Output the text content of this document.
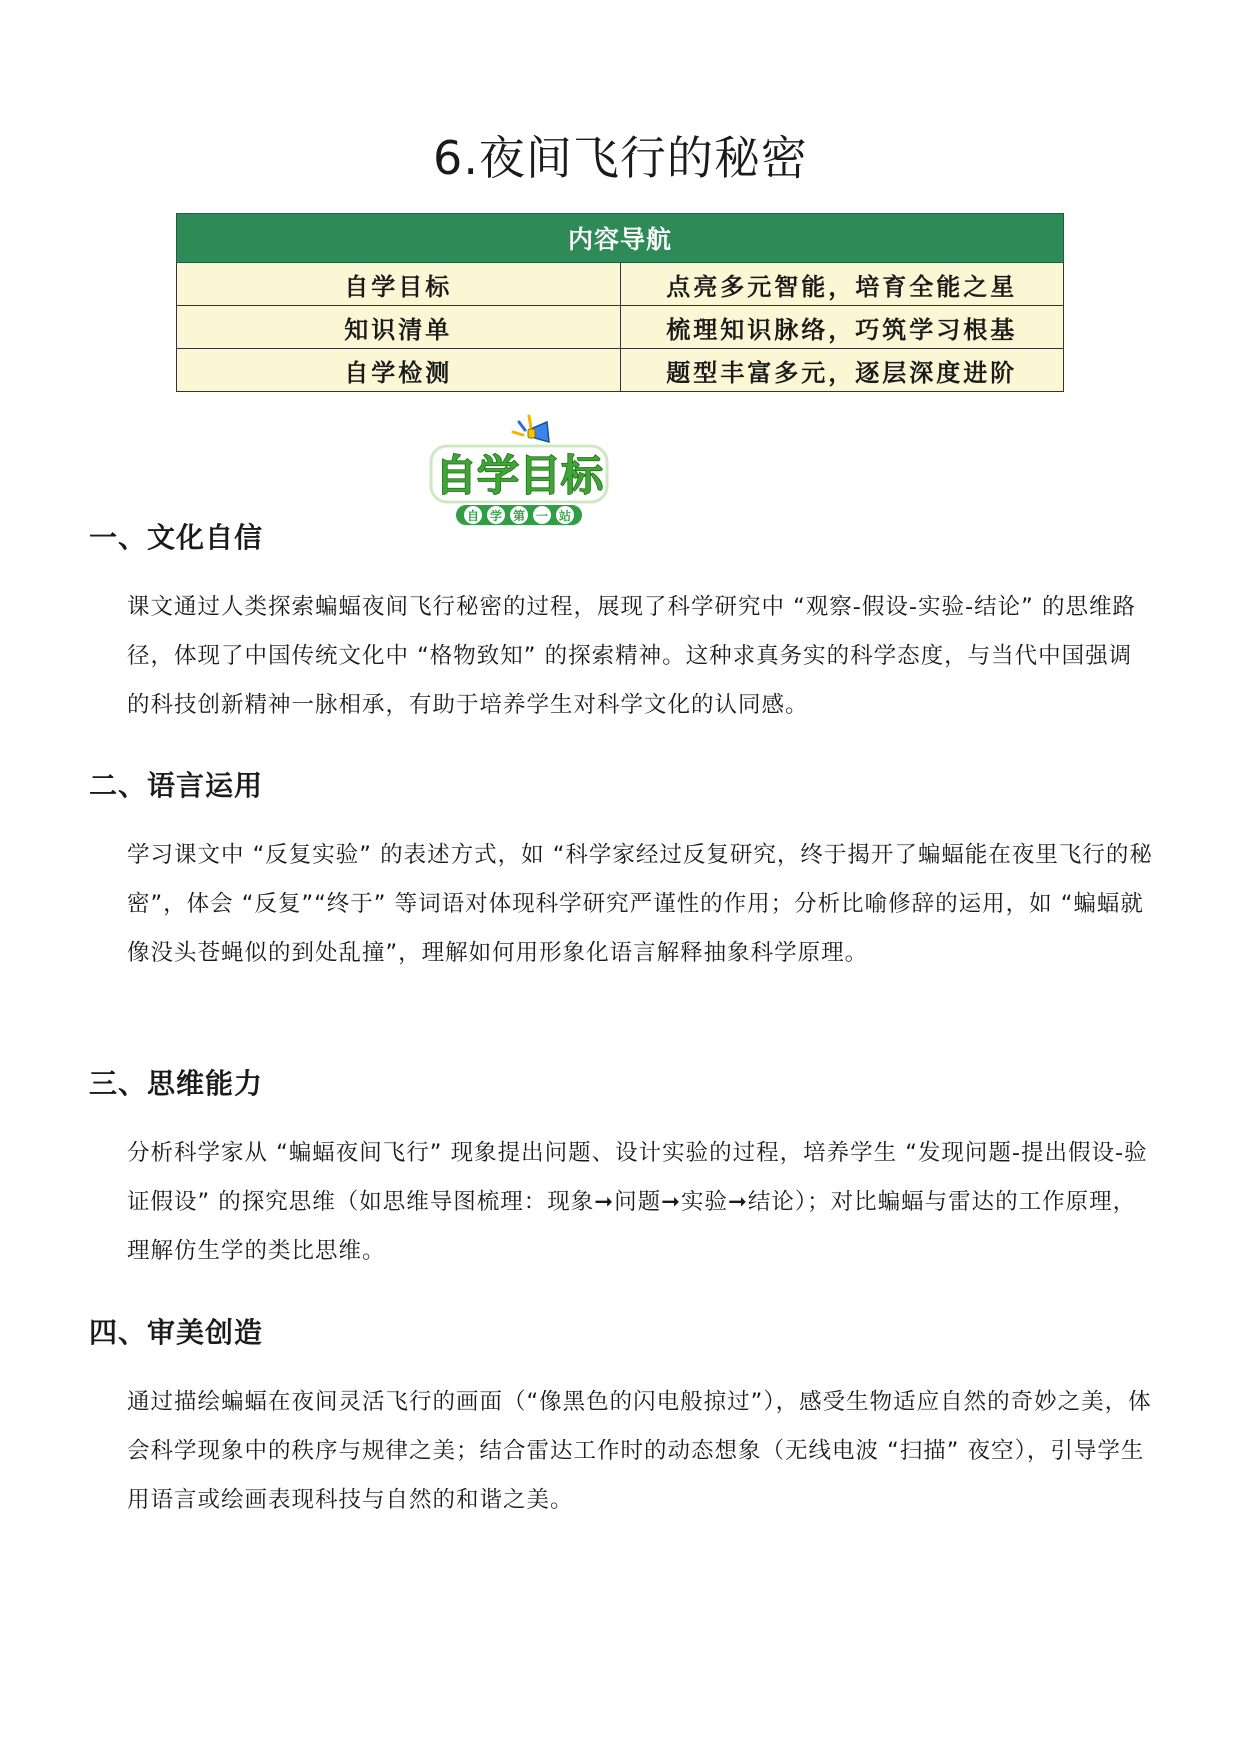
6.夜间飞行的秘密
内容导航	
自学目标	点亮多元智能，培育全能之星
知识清单	梳理知识脉络，巧筑学习根基
自学检测	题型丰富多元，逐层深度进阶
自学目标
自 学 第 一 站
一、文化自信
课文通过人类探索蝙蝠夜间飞行秘密的过程，展现了科学研究中 “观察-假设-实验-结论” 的思维路径，体现了中国传统文化中 “格物致知” 的探索精神。这种求真务实的科学态度，与当代中国强调的科技创新精神一脉相承，有助于培养学生对科学文化的认同感。
二、语言运用
学习课文中 “反复实验” 的表述方式，如 “科学家经过反复研究，终于揭开了蝙蝠能在夜里飞行的秘密”，体会 “反复”“终于” 等词语对体现科学研究严谨性的作用；分析比喻修辞的运用，如 “蝙蝠就像没头苍蝇似的到处乱撞”，理解如何用形象化语言解释抽象科学原理。
三、思维能力
分析科学家从 “蝙蝠夜间飞行” 现象提出问题、设计实验的过程，培养学生 “发现问题-提出假设-验证假设” 的探究思维（如思维导图梳理：现象➞问题➞实验➞结论）；对比蝙蝠与雷达的工作原理，理解仿生学的类比思维。
四、审美创造
通过描绘蝙蝠在夜间灵活飞行的画面（“像黑色的闪电般掠过”），感受生物适应自然的奇妙之美，体会科学现象中的秩序与规律之美；结合雷达工作时的动态想象（无线电波 “扫描” 夜空），引导学生用语言或绘画表现科技与自然的和谐之美。
